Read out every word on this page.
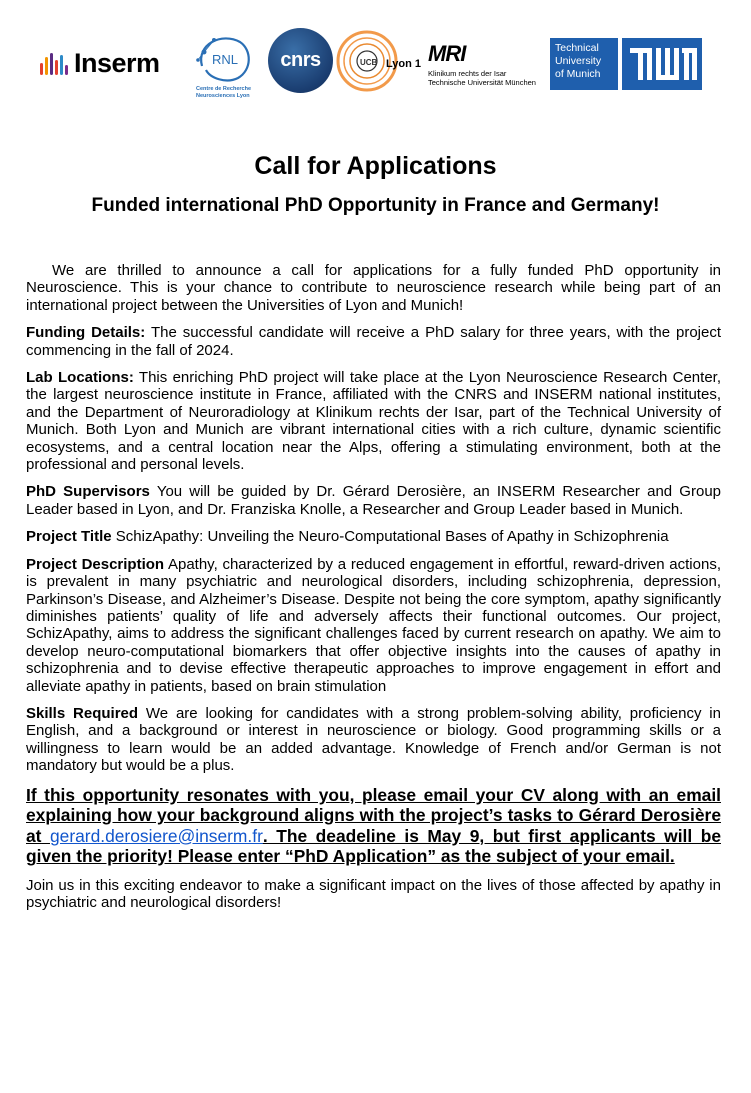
Inserm	RNL
Centre de Recherche
Neurosciences Lyon
cnrs	UCB Lyon 1 MRI
Klinikum rechts der Isar
Technische Universität München
Technical
University
of Munich
Call for Applications
Funded international PhD Opportunity in France and Germany!

We are thrilled to announce a call for applications for a fully funded PhD opportunity in Neuroscience. This is your chance to contribute to neuroscience research while being part of an international project between the Universities of Lyon and Munich!

Funding Details: The successful candidate will receive a PhD salary for three years, with the project commencing in the fall of 2024.

Lab Locations: This enriching PhD project will take place at the Lyon Neuroscience Research Center, the largest neuroscience institute in France, affiliated with the CNRS and INSERM national institutes, and the Department of Neuroradiology at Klinikum rechts der Isar, part of the Technical University of Munich. Both Lyon and Munich are vibrant international cities with a rich culture, dynamic scientific ecosystems, and a central location near the Alps, offering a stimulating environment, both at the professional and personal levels.

PhD Supervisors You will be guided by Dr. Gérard Derosière, an INSERM Researcher and Group Leader based in Lyon, and Dr. Franziska Knolle, a Researcher and Group Leader based in Munich.

Project Title SchizApathy: Unveiling the Neuro-Computational Bases of Apathy in Schizophrenia

Project Description Apathy, characterized by a reduced engagement in effortful, reward-driven actions, is prevalent in many psychiatric and neurological disorders, including schizophrenia, depression, Parkinson’s Disease, and Alzheimer’s Disease. Despite not being the core symptom, apathy significantly diminishes patients’ quality of life and adversely affects their functional outcomes. Our project, SchizApathy, aims to address the significant challenges faced by current research on apathy. We aim to develop neuro-computational biomarkers that offer objective insights into the causes of apathy in schizophrenia and to devise effective therapeutic approaches to improve engagement in effort and alleviate apathy in patients, based on brain stimulation

Skills Required We are looking for candidates with a strong problem-solving ability, proficiency in English, and a background or interest in neuroscience or biology. Good programming skills or a willingness to learn would be an added advantage. Knowledge of French and/or German is not mandatory but would be a plus.

If this opportunity resonates with you, please email your CV along with an email explaining how your background aligns with the project’s tasks to Gérard Derosière at gerard.derosiere@inserm.fr. The deadeline is May 9, but first applicants will be given the priority! Please enter “PhD Application” as the subject of your email.

Join us in this exciting endeavor to make a significant impact on the lives of those affected by apathy in psychiatric and neurological disorders!
